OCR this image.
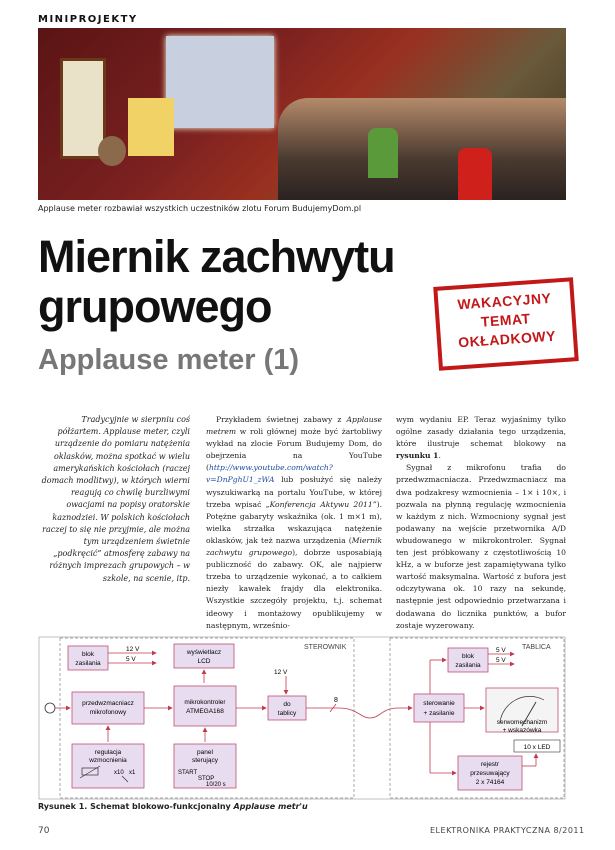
MINIPROJEKTY
Applause meter rozbawiał wszystkich uczestników zlotu Forum BudujemyDom.pl
Miernik zachwytu grupowego
Applause meter (1)
WAKACYJNY
TEMAT
OKŁADKOWY
Tradycyjnie w sierpniu coś półżartem. Applause meter, czyli urządzenie do pomiaru natężenia oklasków, można spotkać w wielu amerykańskich kościołach (raczej domach modlitwy), w których wierni reagują co chwilę burzliwymi owacjami na popisy oratorskie kaznodziei. W polskich kościołach raczej to się nie przyjmie, ale można tym urządzeniem świetnie „podkręcić” atmosferę zabawy na różnych imprezach grupowych – w szkole, na scenie, itp.

Przykładem świetnej zabawy z Applause metrem w roli głównej może być żartobliwy wykład na zlocie Forum Budujemy Dom, do obejrzenia na YouTube (http://www.youtube.com/watch?v=DnPghU1_zWA lub posłużyć się należy wyszukiwarką na portalu YouTube, w której trzeba wpisać „Konferencja Aktywu 2011”). Potężne gabaryty wskaźnika (ok. 1 m×1 m), wielka strzałka wskazująca natężenie oklasków, jak też nazwa urządzenia (Miernik zachwytu grupowego), dobrze usposabiają publiczność do zabawy. OK, ale najpierw trzeba to urządzenie wykonać, a to całkiem niezły kawałek frajdy dla elektronika. Wszystkie szczegóły projektu, t.j. schemat ideowy i montażowy opublikujemy w następnym, wrześnio-

wym wydaniu EP. Teraz wyjaśnimy tylko ogólne zasady działania tego urządzenia, które ilustruje schemat blokowy na rysunku 1.

Sygnał z mikrofonu trafia do przedwzmacniacza. Przedwzmacniacz ma dwa podzakresy wzmocnienia – 1× i 10×, i pozwala na płynną regulację wzmocnienia w każdym z nich. Wzmocniony sygnał jest podawany na wejście przetwornika A/D wbudowanego w mikrokontroler. Sygnał ten jest próbkowany z częstotliwością 10 kHz, a w buforze jest zapamiętywana tylko wartość maksymalna. Wartość z bufora jest odczytywana ok. 10 razy na sekundę, następnie jest odpowiednio przetwarzana i dodawana do licznika punktów, a bufor zostaje wyzerowany.

STEROWNIK	TABLICA
blok
zasilania
12 V
5 V
wyświetlacz
LCD
przedwzmacniacz
mikrofonowy
mikrokontroler
ATMEGA168
12 V
do
tablicy
8
regulacja
wzmocnienia
x10 x1
panel
sterujący
START
STOP
10/20 s
sterowanie
+ zasilanie
blok
zasilania
5 V
5 V
serwomechanizm
+ wskazówka
10 x LED
rejestr
przesuwający
2 x 74164
Rysunek 1. Schemat blokowo-funkcjonalny Applause metr'u
70	ELEKTRONIKA PRAKTYCZNA 8/2011
